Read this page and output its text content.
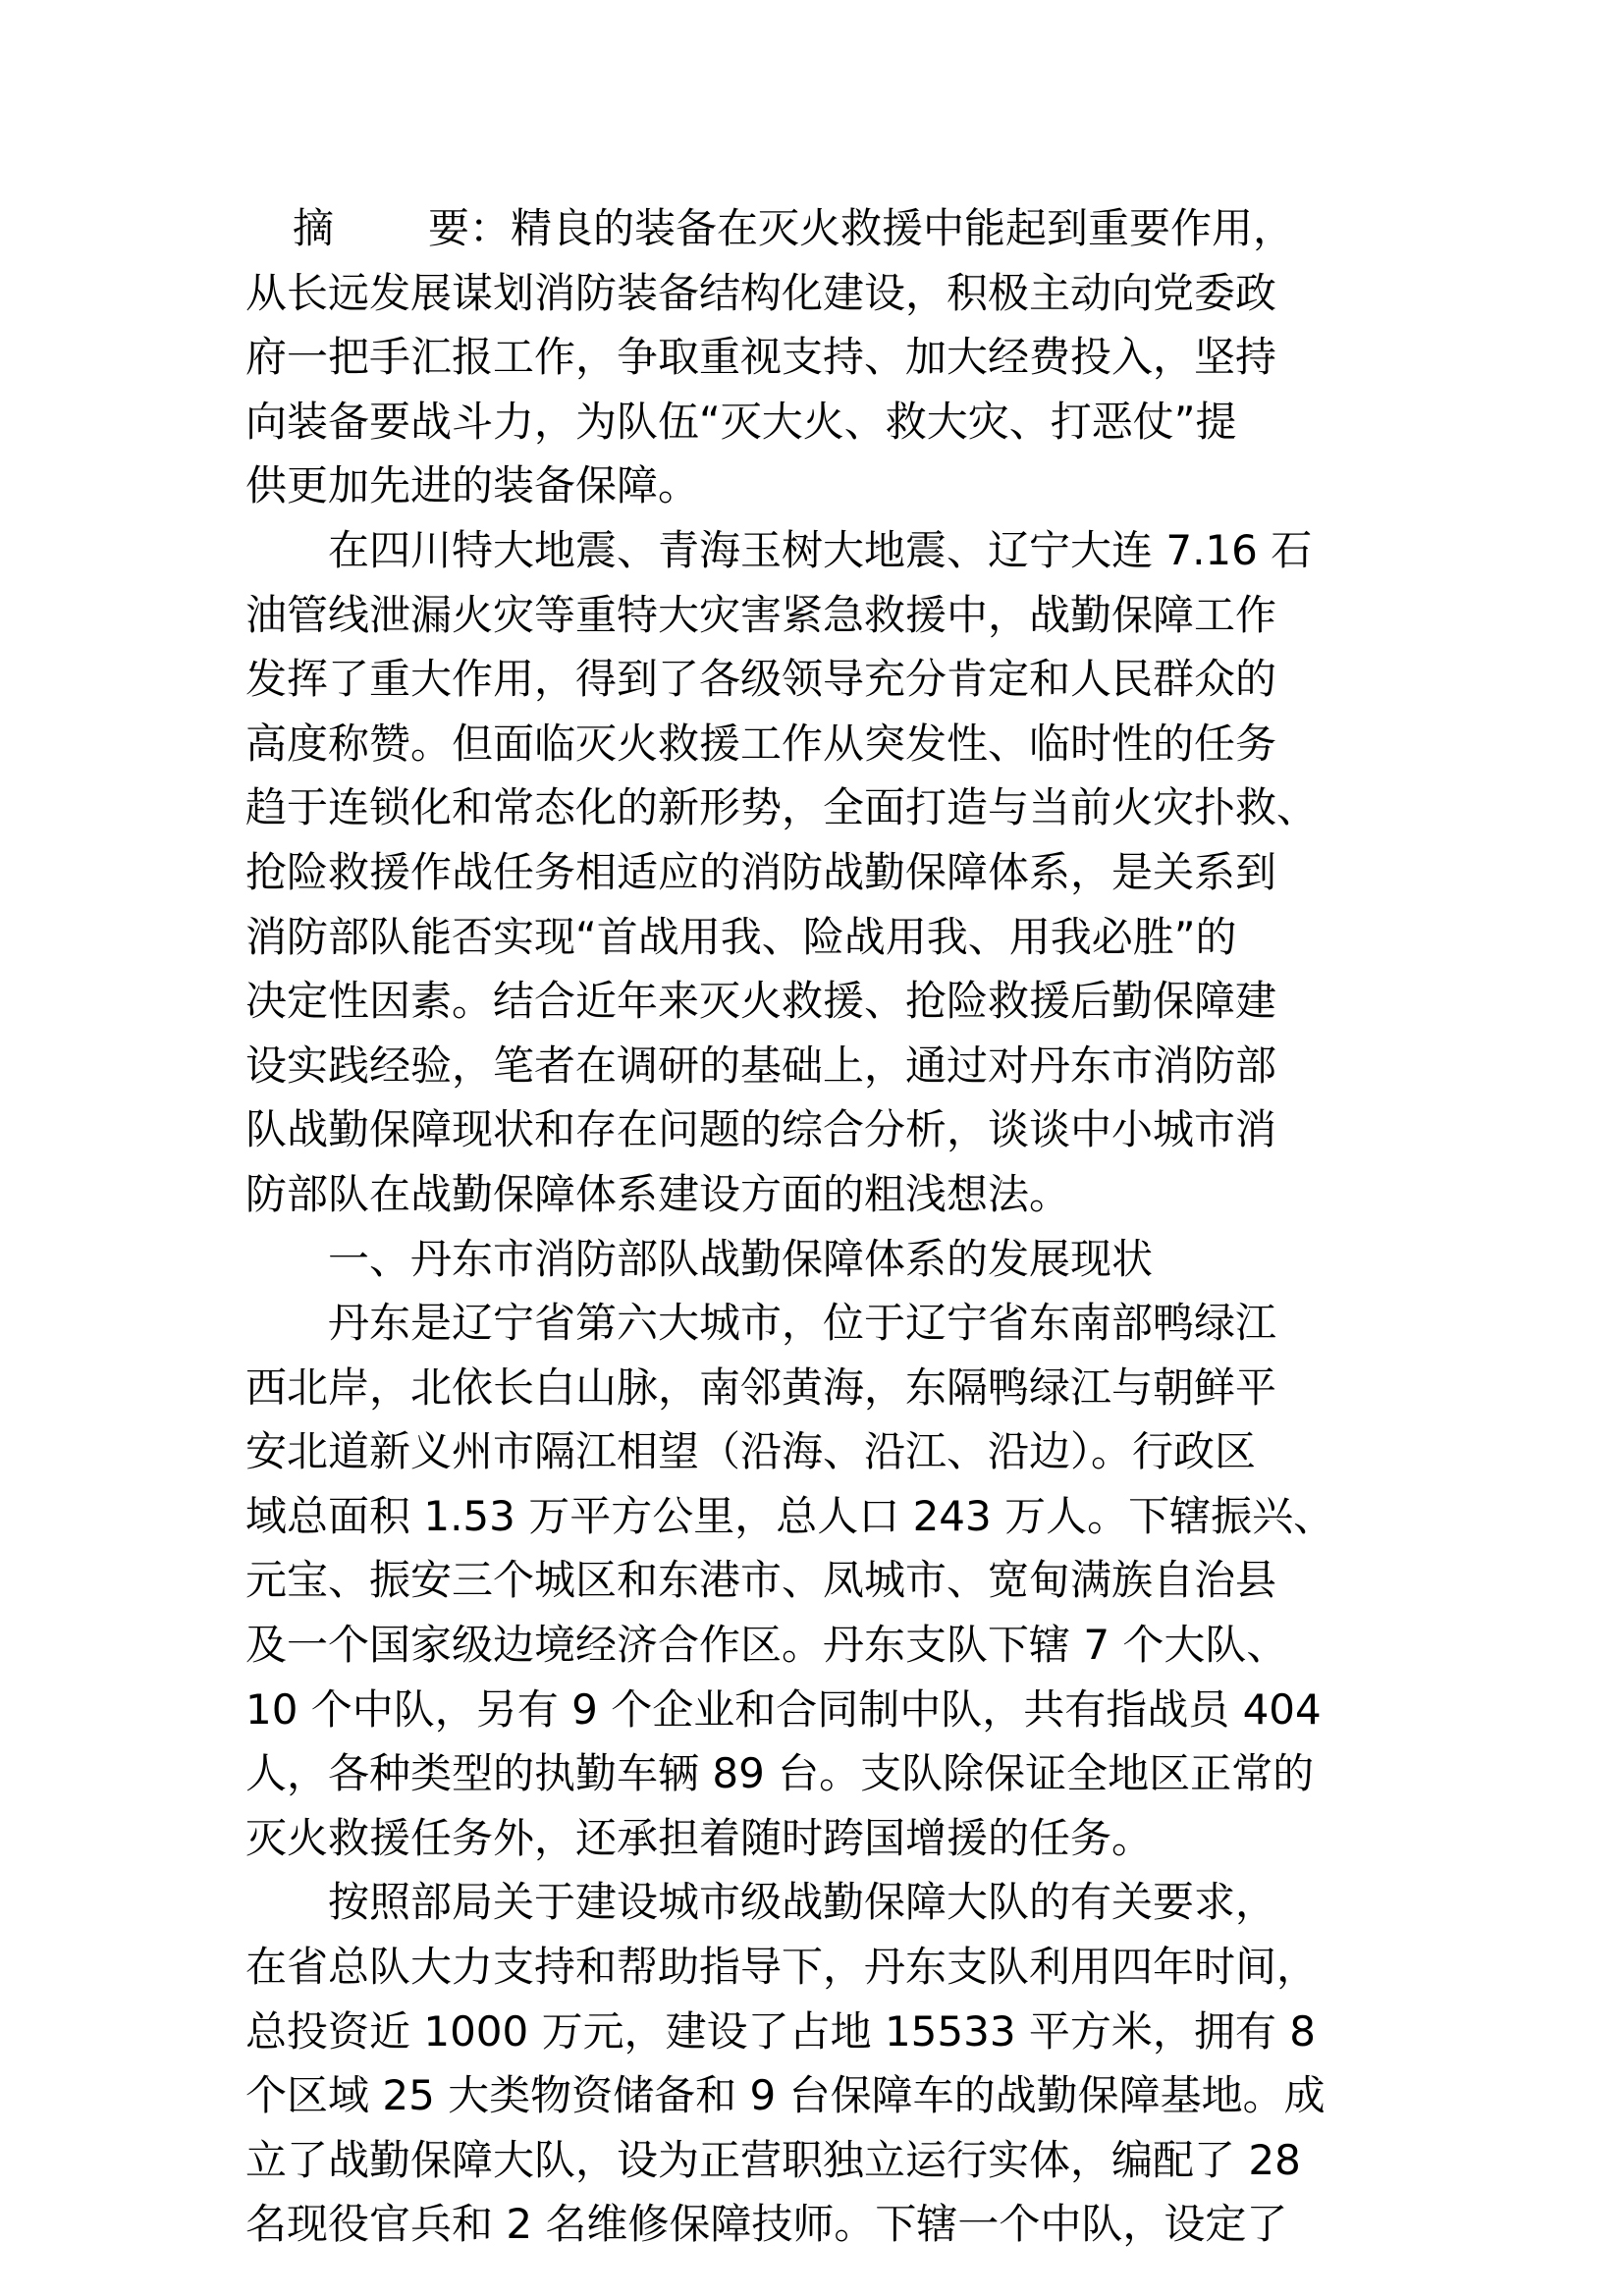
摘 要：精良的装备在灭火救援中能起到重要作用，
从长远发展谋划消防装备结构化建设，积极主动向党委政
府一把手汇报工作，争取重视支持、加大经费投入，坚持
向装备要战斗力，为队伍“灭大火、救大灾、打恶仗”提
供更加先进的装备保障。
在四川特大地震、青海玉树大地震、辽宁大连 7.16 石
油管线泄漏火灾等重特大灾害紧急救援中，战勤保障工作
发挥了重大作用，得到了各级领导充分肯定和人民群众的
高度称赞。但面临灭火救援工作从突发性、临时性的任务
趋于连锁化和常态化的新形势，全面打造与当前火灾扑救、
抢险救援作战任务相适应的消防战勤保障体系，是关系到
消防部队能否实现“首战用我、险战用我、用我必胜”的
决定性因素。结合近年来灭火救援、抢险救援后勤保障建
设实践经验，笔者在调研的基础上，通过对丹东市消防部
队战勤保障现状和存在问题的综合分析，谈谈中小城市消
防部队在战勤保障体系建设方面的粗浅想法。
一、丹东市消防部队战勤保障体系的发展现状
丹东是辽宁省第六大城市，位于辽宁省东南部鸭绿江
西北岸，北依长白山脉，南邻黄海，东隔鸭绿江与朝鲜平
安北道新义州市隔江相望（沿海、沿江、沿边）。行政区
域总面积 1.53 万平方公里，总人口 243 万人。下辖振兴、
元宝、振安三个城区和东港市、凤城市、宽甸满族自治县
及一个国家级边境经济合作区。丹东支队下辖 7 个大队、
10 个中队，另有 9 个企业和合同制中队，共有指战员 404
人，各种类型的执勤车辆 89 台。支队除保证全地区正常的
灭火救援任务外，还承担着随时跨国增援的任务。
按照部局关于建设城市级战勤保障大队的有关要求，
在省总队大力支持和帮助指导下，丹东支队利用四年时间，
总投资近 1000 万元，建设了占地 15533 平方米，拥有 8
个区域 25 大类物资储备和 9 台保障车的战勤保障基地。成
立了战勤保障大队，设为正营职独立运行实体，编配了 28
名现役官兵和 2 名维修保障技师。下辖一个中队，设定了
